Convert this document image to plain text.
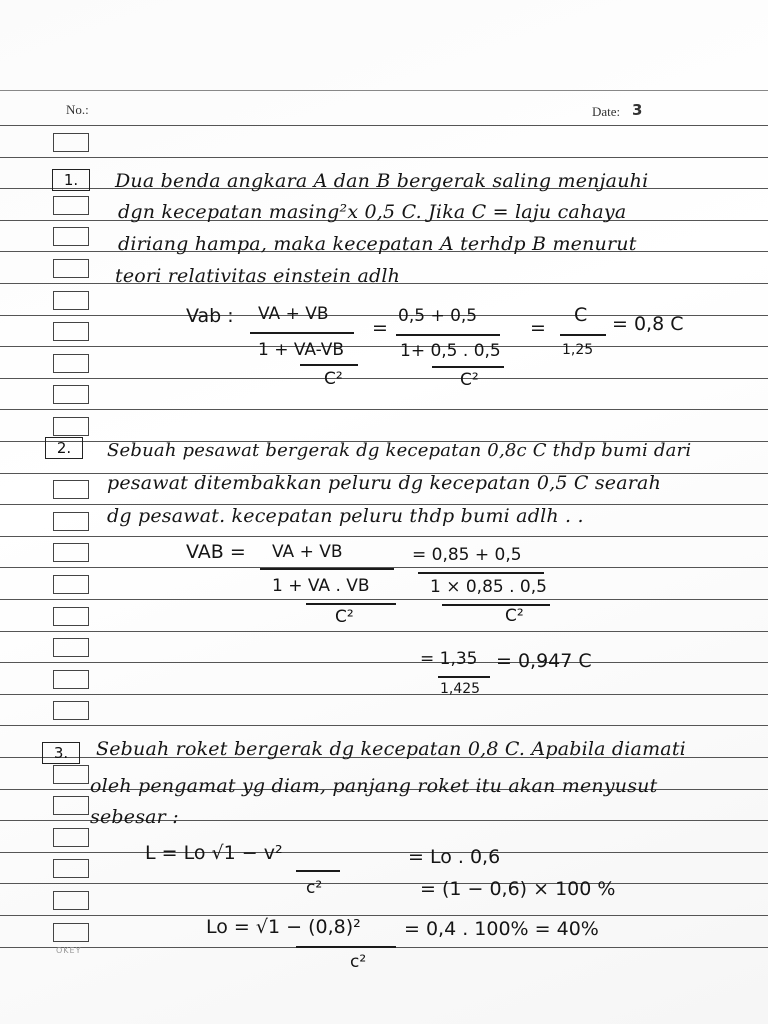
No.:	Date: 3
1.	Dua benda angkara A dan B bergerak saling menjauhi
dgn kecepatan masing²x 0,5 C. Jika C = laju cahaya
diriang hampa, maka kecepatan A terhdp B menurut
teori relativitas einstein adlh
Vab : VA + VB
1 + VA-VB
C²
=
0,5 + 0,5
1+ 0,5 . 0,5
C²
=
C
1,25
= 0,8 C
2.	Sebuah pesawat bergerak dg kecepatan 0,8c C thdp bumi dari
pesawat ditembakkan peluru dg kecepatan 0,5 C searah
dg pesawat. kecepatan peluru thdp bumi adlh . .
VAB = VA + VB
1 + VA . VB
C²
= 0,85 + 0,5
1 × 0,85 . 0,5
C²
= 1,35
1,425
= 0,947 C
3.	Sebuah roket bergerak dg kecepatan 0,8 C. Apabila diamati
oleh pengamat yg diam, panjang roket itu akan menyusut
sebesar :
L = Lo √1 − v²
c²
= Lo . 0,6
= (1 − 0,6) × 100 %
Lo = √1 − (0,8)²
c²
= 0,4 . 100% = 40%
OKEY
